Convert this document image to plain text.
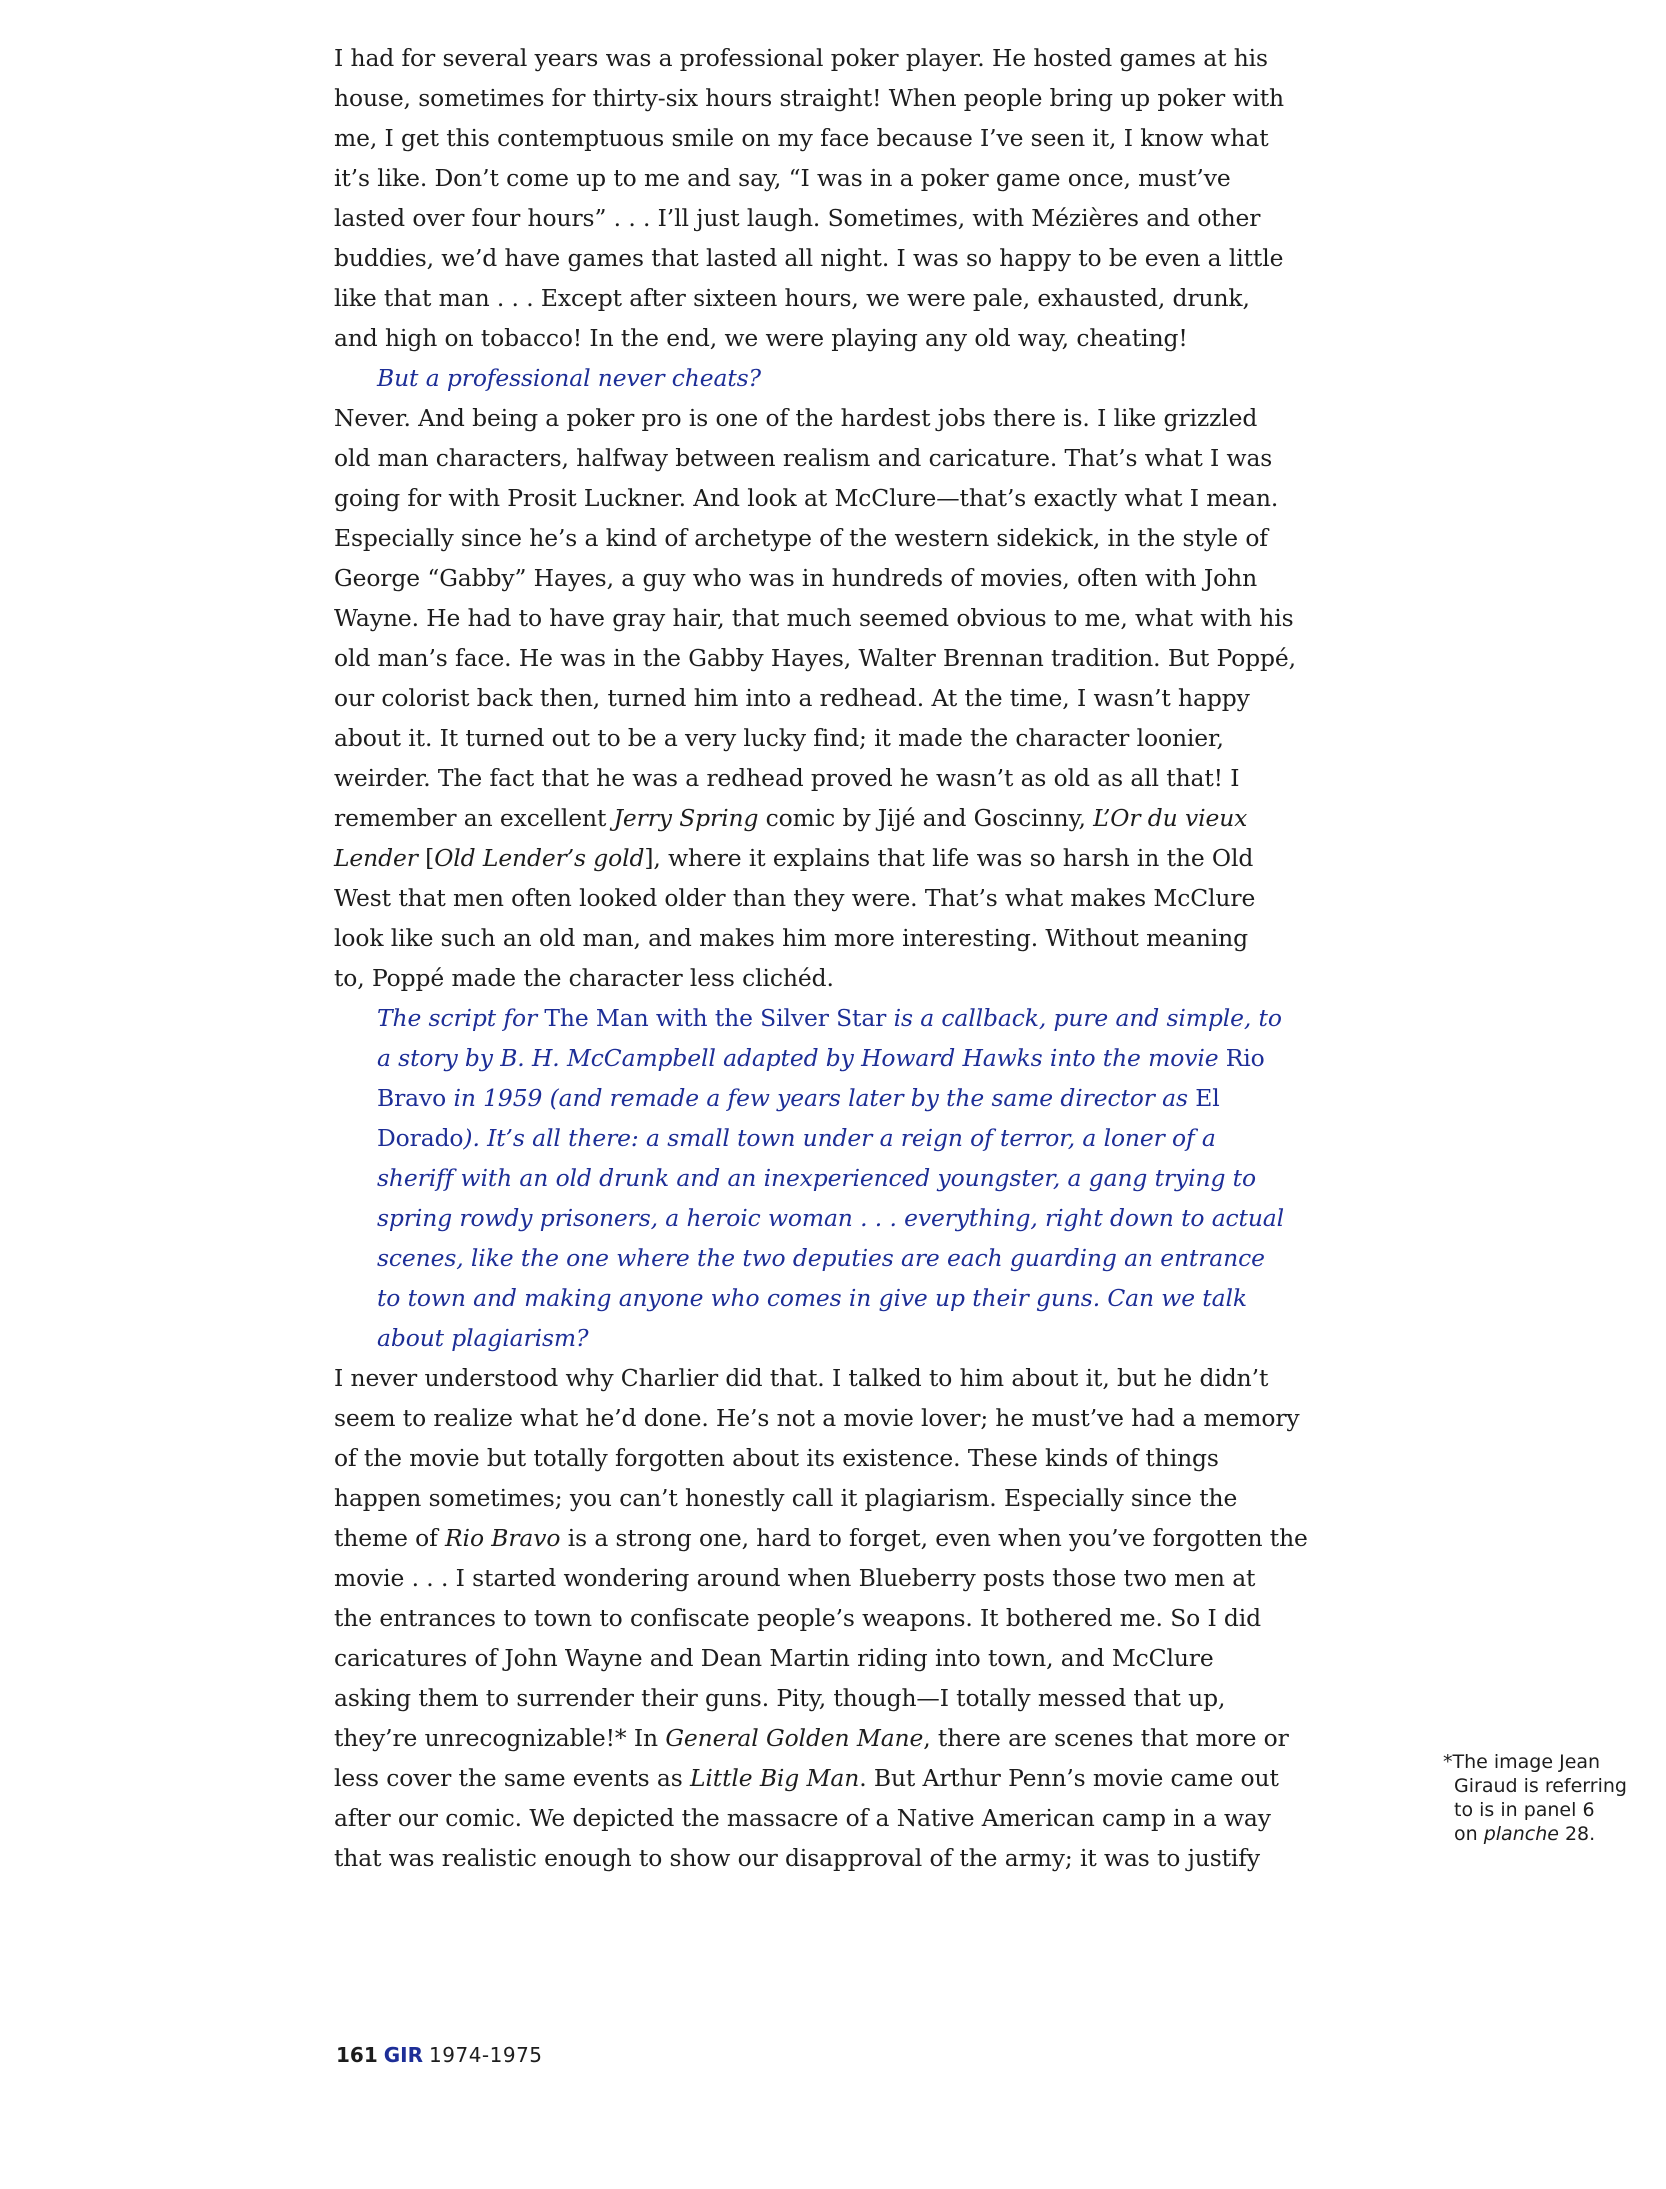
I had for several years was a professional poker player. He hosted games at his
house, sometimes for thirty-six hours straight! When people bring up poker with
me, I get this contemptuous smile on my face because I’ve seen it, I know what
it’s like. Don’t come up to me and say, “I was in a poker game once, must’ve
lasted over four hours” . . . I’ll just laugh. Sometimes, with Mézières and other
buddies, we’d have games that lasted all night. I was so happy to be even a little
like that man . . . Except after sixteen hours, we were pale, exhausted, drunk,
and high on tobacco! In the end, we were playing any old way, cheating!
But a professional never cheats?
Never. And being a poker pro is one of the hardest jobs there is. I like grizzled
old man characters, halfway between realism and caricature. That’s what I was
going for with Prosit Luckner. And look at McClure—that’s exactly what I mean.
Especially since he’s a kind of archetype of the western sidekick, in the style of
George “Gabby” Hayes, a guy who was in hundreds of movies, often with John
Wayne. He had to have gray hair, that much seemed obvious to me, what with his
old man’s face. He was in the Gabby Hayes, Walter Brennan tradition. But Poppé,
our colorist back then, turned him into a redhead. At the time, I wasn’t happy
about it. It turned out to be a very lucky find; it made the character loonier,
weirder. The fact that he was a redhead proved he wasn’t as old as all that! I
remember an excellent Jerry Spring comic by Jijé and Goscinny, L’Or du vieux
Lender [Old Lender’s gold], where it explains that life was so harsh in the Old
West that men often looked older than they were. That’s what makes McClure
look like such an old man, and makes him more interesting. Without meaning
to, Poppé made the character less clichéd.
The script for The Man with the Silver Star is a callback, pure and simple, to
a story by B. H. McCampbell adapted by Howard Hawks into the movie Rio
Bravo in 1959 (and remade a few years later by the same director as El
Dorado). It’s all there: a small town under a reign of terror, a loner of a
sheriff with an old drunk and an inexperienced youngster, a gang trying to
spring rowdy prisoners, a heroic woman . . . everything, right down to actual
scenes, like the one where the two deputies are each guarding an entrance
to town and making anyone who comes in give up their guns. Can we talk
about plagiarism?
I never understood why Charlier did that. I talked to him about it, but he didn’t
seem to realize what he’d done. He’s not a movie lover; he must’ve had a memory
of the movie but totally forgotten about its existence. These kinds of things
happen sometimes; you can’t honestly call it plagiarism. Especially since the
theme of Rio Bravo is a strong one, hard to forget, even when you’ve forgotten the
movie . . . I started wondering around when Blueberry posts those two men at
the entrances to town to confiscate people’s weapons. It bothered me. So I did
caricatures of John Wayne and Dean Martin riding into town, and McClure
asking them to surrender their guns. Pity, though—I totally messed that up,
they’re unrecognizable!* In General Golden Mane, there are scenes that more or
less cover the same events as Little Big Man. But Arthur Penn’s movie came out
after our comic. We depicted the massacre of a Native American camp in a way
that was realistic enough to show our disapproval of the army; it was to justify
*The image Jean
Giraud is referring
to is in panel 6
on planche 28.
161 GIR 1974-1975
